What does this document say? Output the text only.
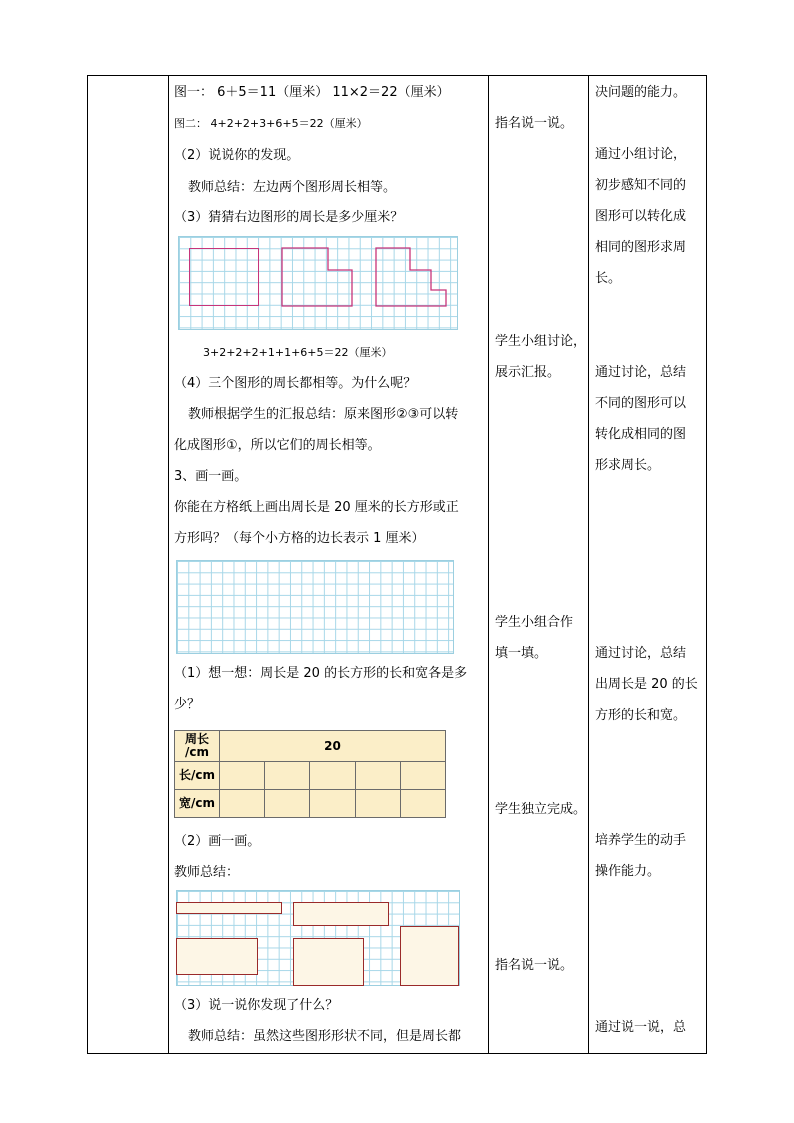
图一： 6＋5＝11（厘米） 11×2＝22（厘米）
图二： 4+2+2+3+6+5＝22（厘米）
（2）说说你的发现。
教师总结：左边两个图形周长相等。
（3）猜猜右边图形的周长是多少厘米？
3+2+2+2+1+1+6+5＝22（厘米）
（4）三个图形的周长都相等。为什么呢？
教师根据学生的汇报总结：原来图形②③可以转
化成图形①，所以它们的周长相等。
3、画一画。
你能在方格纸上画出周长是 20 厘米的长方形或正
方形吗？（每个小方格的边长表示 1 厘米）
（1）想一想：周长是 20 的长方形的长和宽各是多
少？
周长
/cm	20				
长/cm					
宽/cm					
（2）画一画。
教师总结：
（3）说一说你发现了什么？
教师总结：虽然这些图形形状不同，但是周长都
指名说一说。
学生小组讨论，
展示汇报。
学生小组合作
填一填。
学生独立完成。
指名说一说。
决问题的能力。
通过小组讨论，
初步感知不同的
图形可以转化成
相同的图形求周
长。
通过讨论，总结
不同的图形可以
转化成相同的图
形求周长。
通过讨论，总结
出周长是 20 的长
方形的长和宽。
培养学生的动手
操作能力。
通过说一说，总
